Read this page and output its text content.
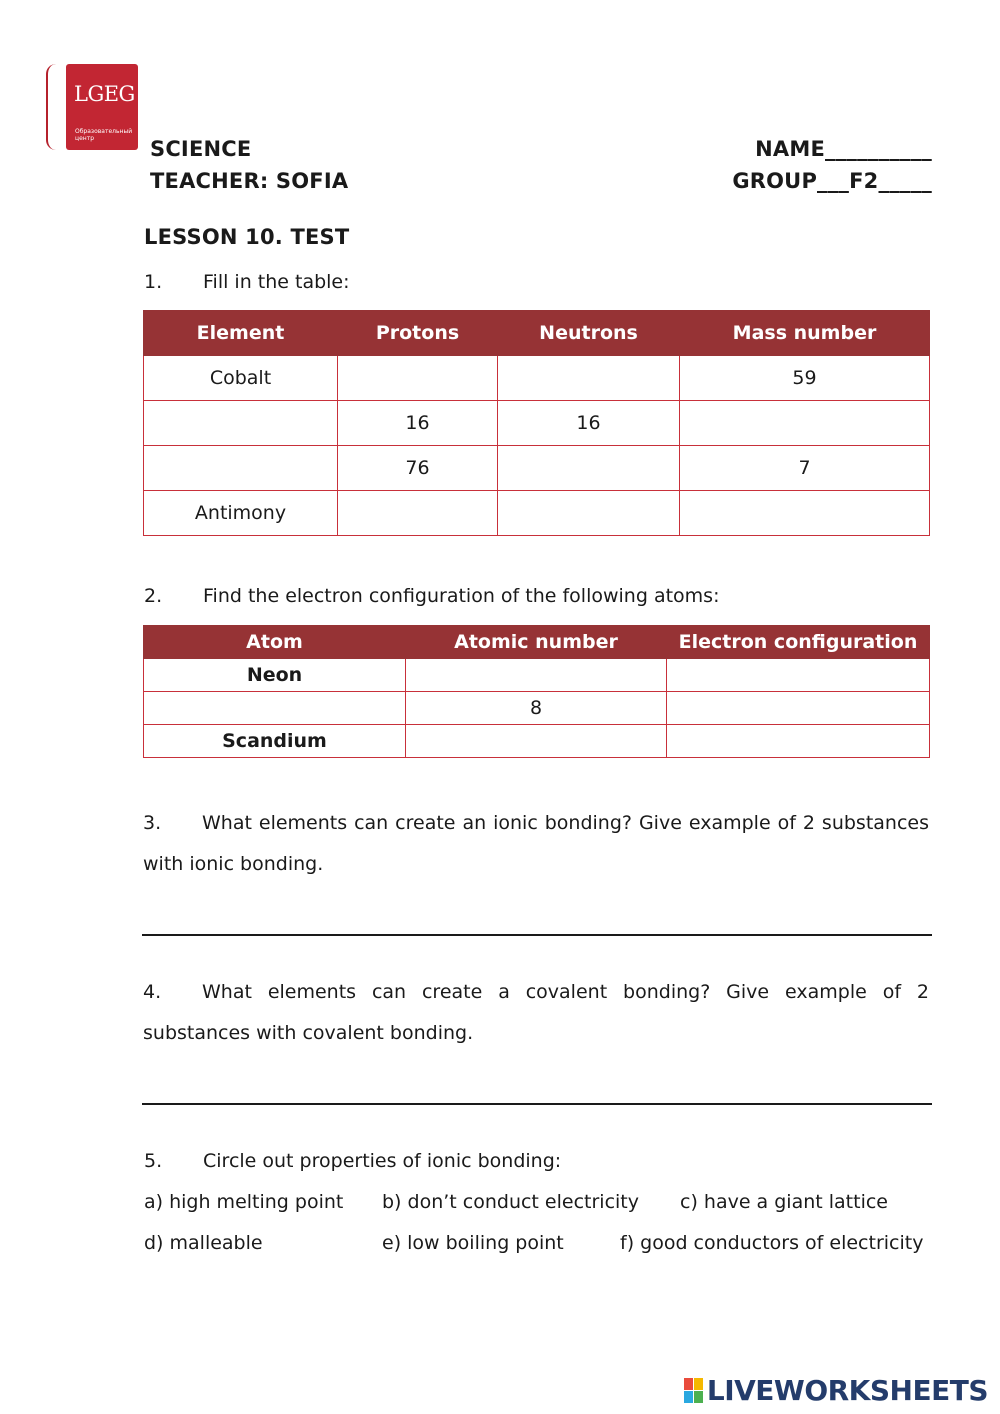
LGEG
Образовательный центр	SCIENCE
TEACHER: SOFIA
NAME__________
GROUP___F2_____
LESSON 10. TEST
1. Fill in the table:
Element	Protons	Neutrons	Mass number
Cobalt			59
	16	16	
	76		7
Antimony			
2. Find the electron configuration of the following atoms:
Atom	Atomic number	Electron configuration
Neon		
	8	
Scandium		
3. What elements can create an ionic bonding? Give example of 2 substances with ionic bonding.
4. What elements can create a covalent bonding? Give example of 2 substances with covalent bonding.
5. Circle out properties of ionic bonding:
a) high melting point b) don’t conduct electricity c) have a giant lattice
d) malleable	e) low boiling point	f) good conductors of electricity
LIVEWORKSHEETS
